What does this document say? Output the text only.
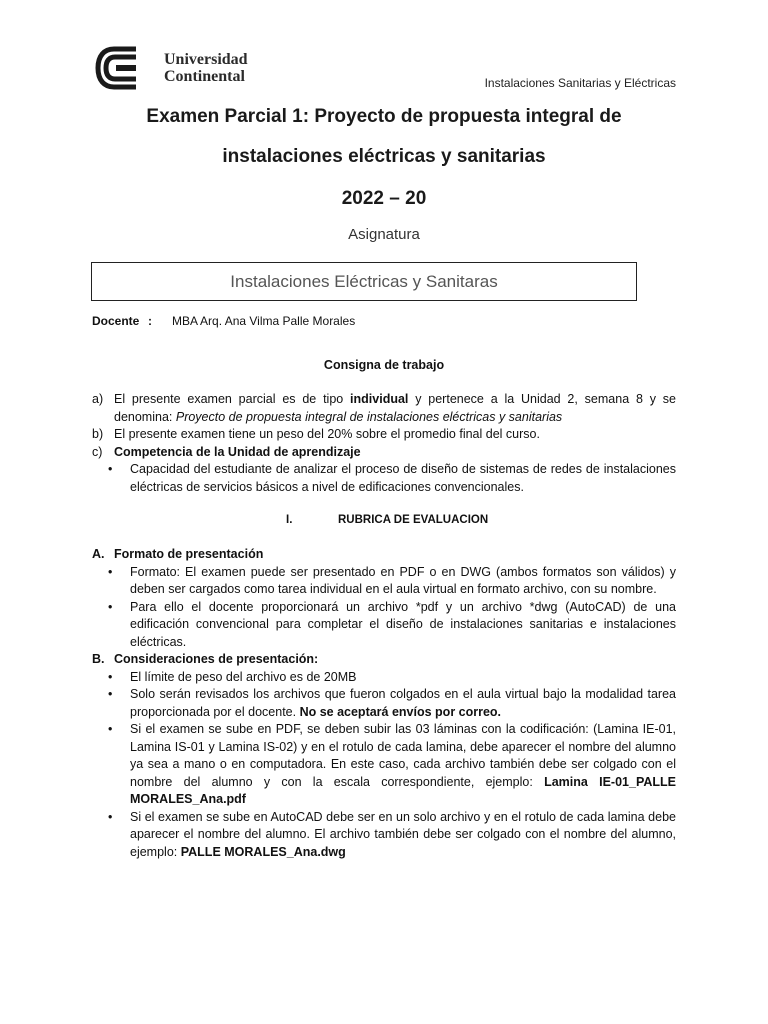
Universidad
Continental	Instalaciones Sanitarias y Eléctricas
Examen Parcial 1: Proyecto de propuesta integral de
instalaciones eléctricas y sanitarias
2022 – 20
Asignatura
Instalaciones Eléctricas y Sanitaras
Docente : MBA Arq. Ana Vilma Palle Morales
Consigna de trabajo
a) El presente examen parcial es de tipo individual y pertenece a la Unidad 2, semana 8 y se denomina: Proyecto de propuesta integral de instalaciones eléctricas y sanitarias
b) El presente examen tiene un peso del 20% sobre el promedio final del curso.
c) Competencia de la Unidad de aprendizaje
•	Capacidad del estudiante de analizar el proceso de diseño de sistemas de redes de instalaciones eléctricas de servicios básicos a nivel de edificaciones convencionales.
I.	RUBRICA DE EVALUACION
A. Formato de presentación
•	Formato: El examen puede ser presentado en PDF o en DWG (ambos formatos son válidos) y deben ser cargados como tarea individual en el aula virtual en formato archivo, con su nombre.
•	Para ello el docente proporcionará un archivo *pdf y un archivo *dwg (AutoCAD) de una edificación convencional para completar el diseño de instalaciones sanitarias e instalaciones eléctricas.
B. Consideraciones de presentación:
•	El límite de peso del archivo es de 20MB
•	Solo serán revisados los archivos que fueron colgados en el aula virtual bajo la modalidad tarea proporcionada por el docente. No se aceptará envíos por correo.
•	Si el examen se sube en PDF, se deben subir las 03 láminas con la codificación: (Lamina IE-01, Lamina IS-01 y Lamina IS-02) y en el rotulo de cada lamina, debe aparecer el nombre del alumno ya sea a mano o en computadora. En este caso, cada archivo también debe ser colgado con el nombre del alumno y con la escala correspondiente, ejemplo: Lamina IE-01_PALLE MORALES_Ana.pdf
•	Si el examen se sube en AutoCAD debe ser en un solo archivo y en el rotulo de cada lamina debe aparecer el nombre del alumno. El archivo también debe ser colgado con el nombre del alumno, ejemplo: PALLE MORALES_Ana.dwg
